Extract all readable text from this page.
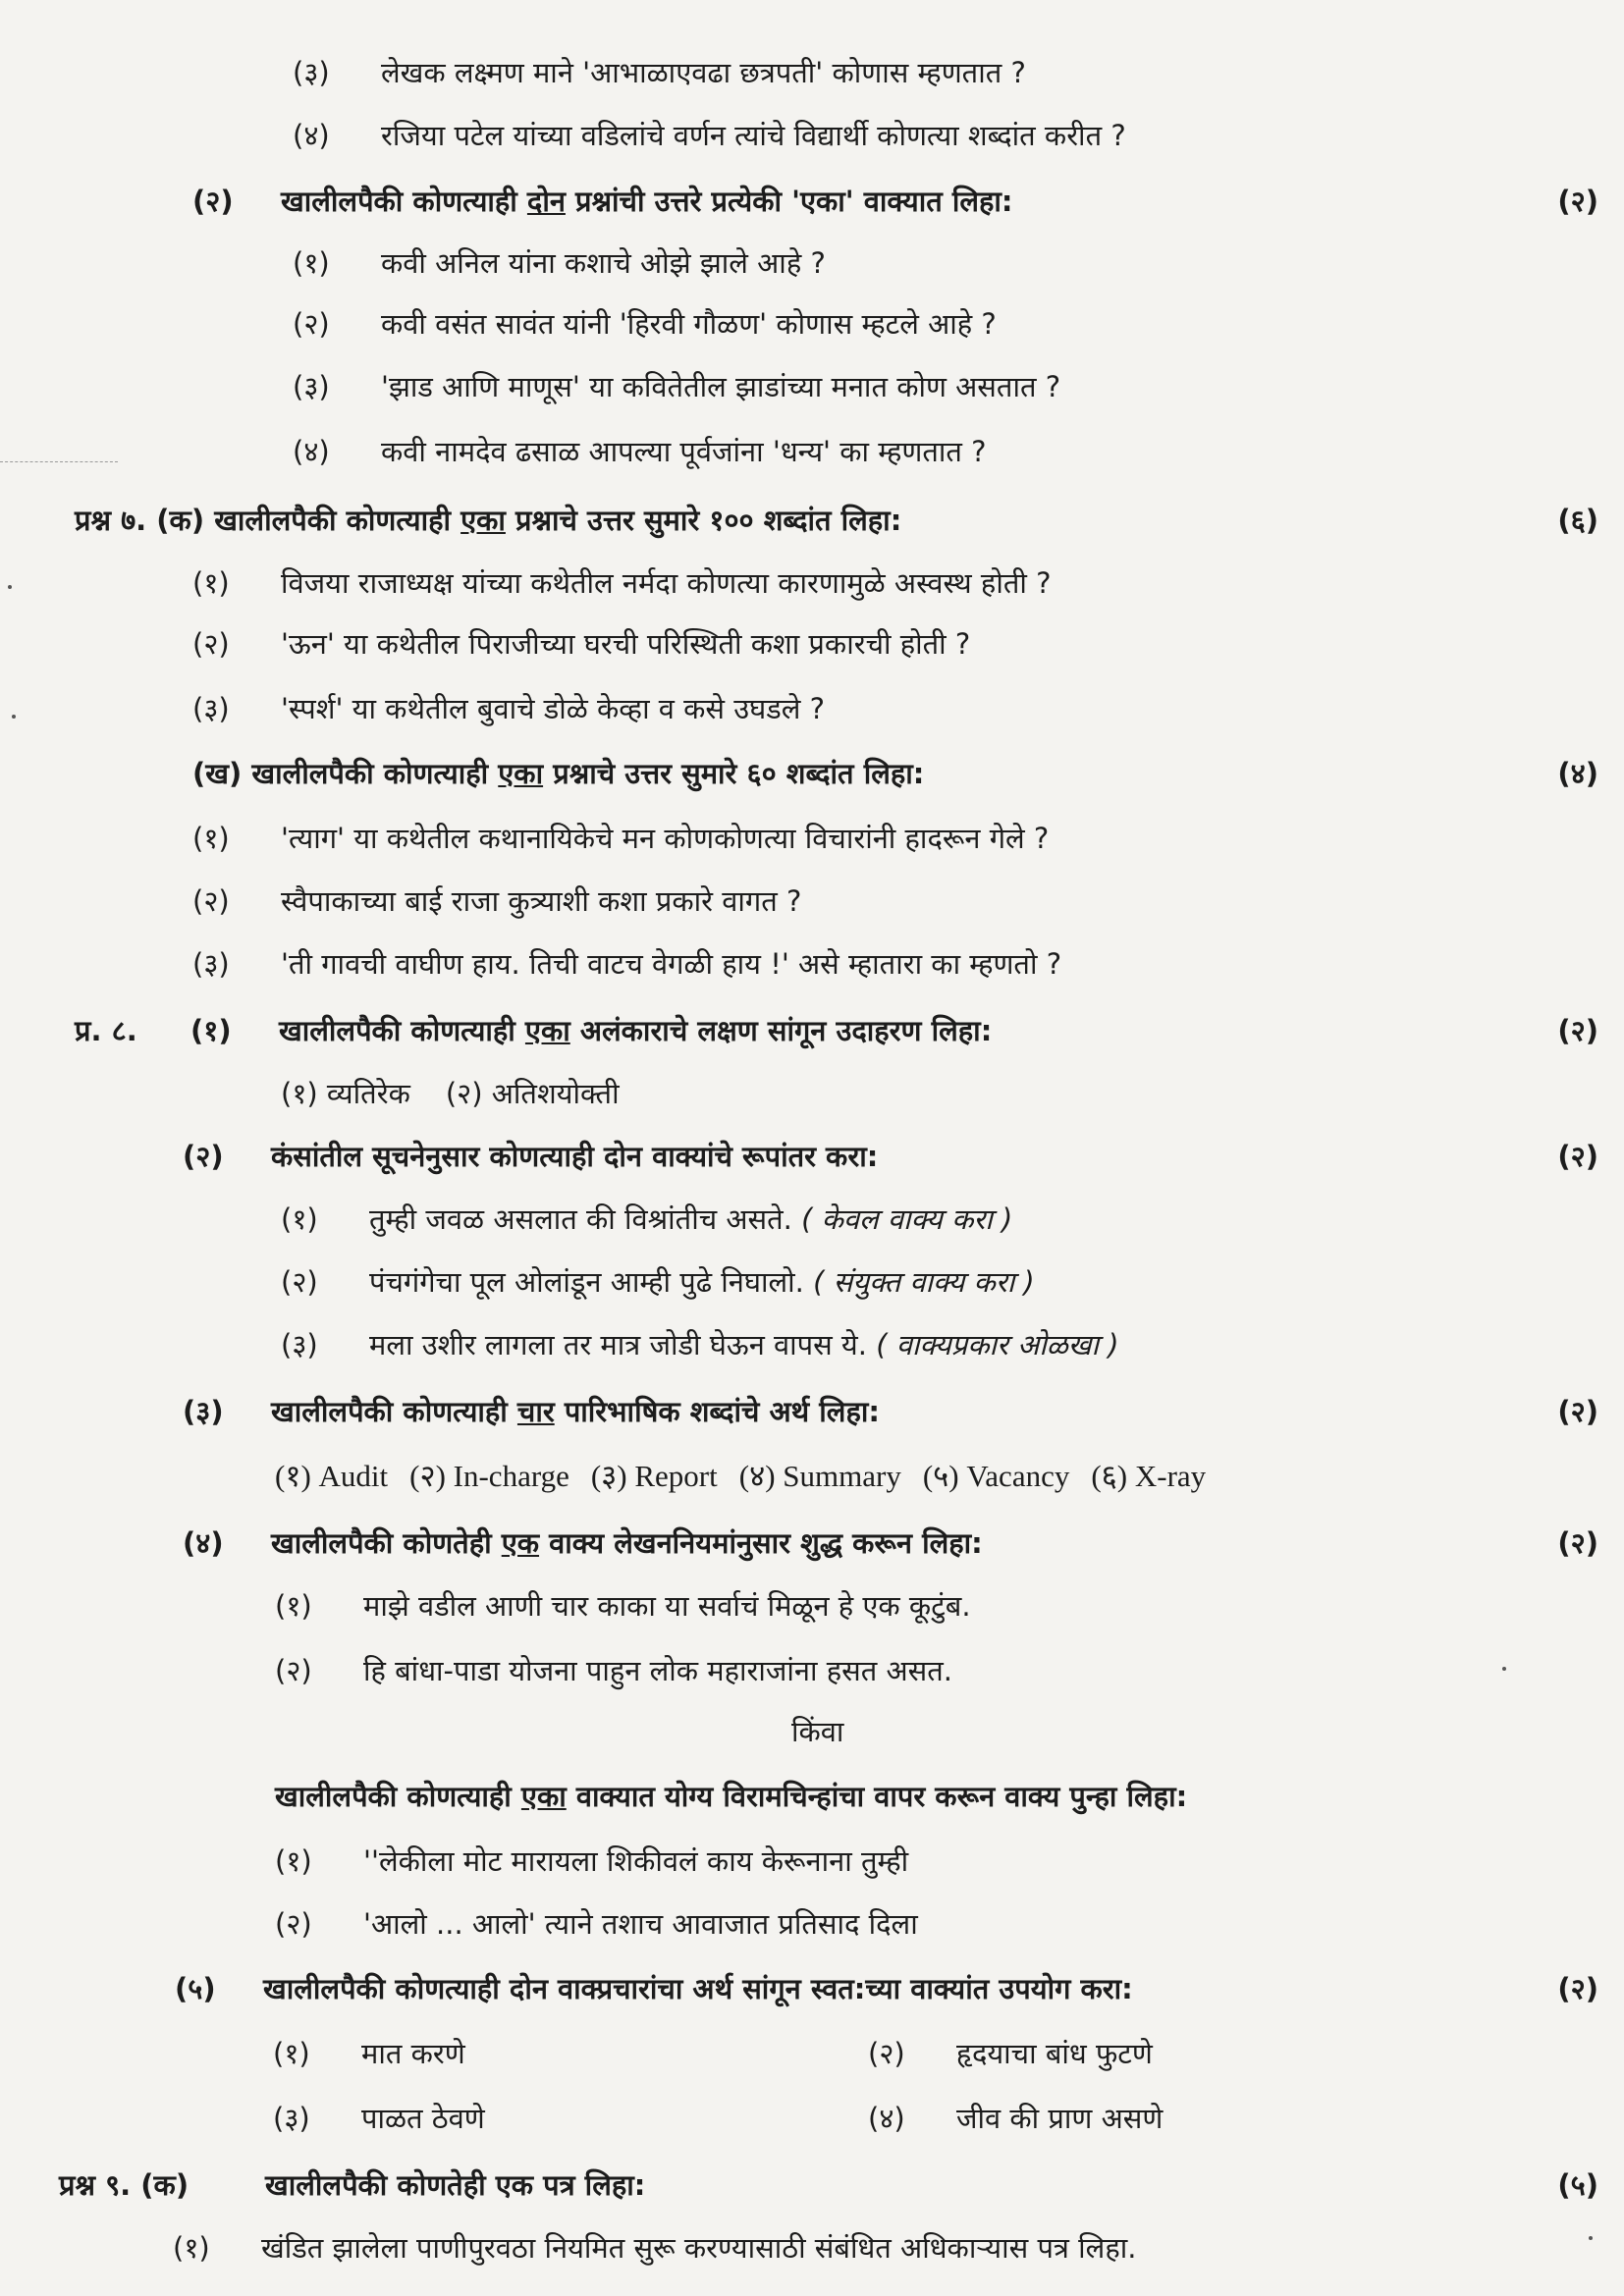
(३) लेखक लक्ष्मण माने 'आभाळाएवढा छत्रपती' कोणास म्हणतात ?
(४) रजिया पटेल यांच्या वडिलांचे वर्णन त्यांचे विद्यार्थी कोणत्या शब्दांत करीत ?
(२) खालीलपैकी कोणत्याही दोन प्रश्नांची उत्तरे प्रत्येकी 'एका' वाक्यात लिहा:	(२)
(१) कवी अनिल यांना कशाचे ओझे झाले आहे ?
(२) कवी वसंत सावंत यांनी 'हिरवी गौळण' कोणास म्हटले आहे ?
(३) 'झाड आणि माणूस' या कवितेतील झाडांच्या मनात कोण असतात ?
(४) कवी नामदेव ढसाळ आपल्या पूर्वजांना 'धन्य' का म्हणतात ?
प्रश्न ७. (क) खालीलपैकी कोणत्याही एका प्रश्नाचे उत्तर सुमारे १०० शब्दांत लिहा:	(६)
(१) विजया राजाध्यक्ष यांच्या कथेतील नर्मदा कोणत्या कारणामुळे अस्वस्थ होती ?
(२) 'ऊन' या कथेतील पिराजीच्या घरची परिस्थिती कशा प्रकारची होती ?
(३) 'स्पर्श' या कथेतील बुवाचे डोळे केव्हा व कसे उघडले ?
(ख) खालीलपैकी कोणत्याही एका प्रश्नाचे उत्तर सुमारे ६० शब्दांत लिहा:	(४)
(१) 'त्याग' या कथेतील कथानायिकेचे मन कोणकोणत्या विचारांनी हादरून गेले ?
(२) स्वैपाकाच्या बाई राजा कुत्र्याशी कशा प्रकारे वागत ?
(३) 'ती गावची वाघीण हाय. तिची वाटच वेगळी हाय !' असे म्हातारा का म्हणतो ?
प्र. ८. (१) खालीलपैकी कोणत्याही एका अलंकाराचे लक्षण सांगून उदाहरण लिहा:	(२)
(१) व्यतिरेक (२) अतिशयोक्ती
(२) कंसांतील सूचनेनुसार कोणत्याही दोन वाक्यांचे रूपांतर करा:	(२)
(१) तुम्ही जवळ असलात की विश्रांतीच असते. ( केवल वाक्य करा )
(२) पंचगंगेचा पूल ओलांडून आम्ही पुढे निघालो. ( संयुक्त वाक्य करा )
(३) मला उशीर लागला तर मात्र जोडी घेऊन वापस ये. ( वाक्यप्रकार ओळखा )
(३) खालीलपैकी कोणत्याही चार पारिभाषिक शब्दांचे अर्थ लिहा:	(२)
(१) Audit (२) In-charge (३) Report (४) Summary (५) Vacancy (६) X-ray
(४) खालीलपैकी कोणतेही एक वाक्य लेखननियमांनुसार शुद्ध करून लिहा:	(२)
(१) माझे वडील आणी चार काका या सर्वाचं मिळून हे एक कूटुंब.
(२) हि बांधा-पाडा योजना पाहुन लोक महाराजांना हसत असत.
किंवा
खालीलपैकी कोणत्याही एका वाक्यात योग्य विरामचिन्हांचा वापर करून वाक्य पुन्हा लिहा:
(१) ''लेकीला मोट मारायला शिकीवलं काय केरूनाना तुम्ही
(२) 'आलो ... आलो' त्याने तशाच आवाजात प्रतिसाद दिला
(५) खालीलपैकी कोणत्याही दोन वाक्प्रचारांचा अर्थ सांगून स्वत:च्या वाक्यांत उपयोग करा:	(२)
(१) मात करणे	(२) हृदयाचा बांध फुटणे
(३) पाळत ठेवणे	(४) जीव की प्राण असणे
प्रश्न ९. (क)	खालीलपैकी कोणतेही एक पत्र लिहा:	(५)
(१) खंडित झालेला पाणीपुरवठा नियमित सुरू करण्यासाठी संबंधित अधिकाऱ्यास पत्र लिहा.
